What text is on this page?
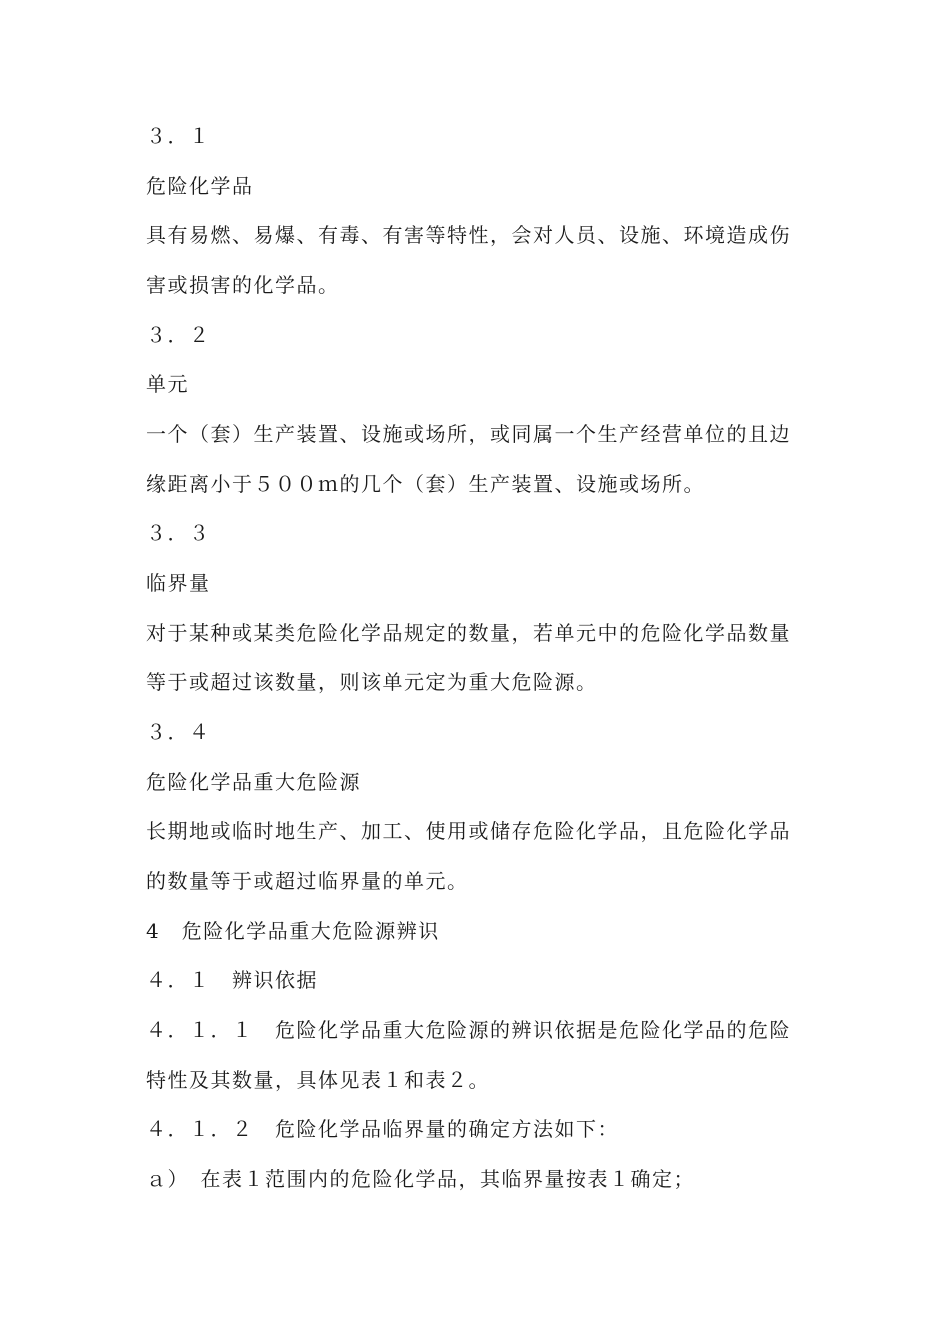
３．１
危险化学品
具有易燃、易爆、有毒、有害等特性，会对人员、设施、环境造成伤
害或损害的化学品。
３．２
单元
一个（套）生产装置、设施或场所，或同属一个生产经营单位的且边
缘距离小于５００ｍ的几个（套）生产装置、设施或场所。
３．３
临界量
对于某种或某类危险化学品规定的数量，若单元中的危险化学品数量
等于或超过该数量，则该单元定为重大危险源。
３．４
危险化学品重大危险源
长期地或临时地生产、加工、使用或储存危险化学品，且危险化学品
的数量等于或超过临界量的单元。
4　危险化学品重大危险源辨识
４．１　辨识依据
４．１．１　危险化学品重大危险源的辨识依据是危险化学品的危险
特性及其数量，具体见表１和表２。
４．１．２　危险化学品临界量的确定方法如下：
ａ）　在表１范围内的危险化学品，其临界量按表１确定；
